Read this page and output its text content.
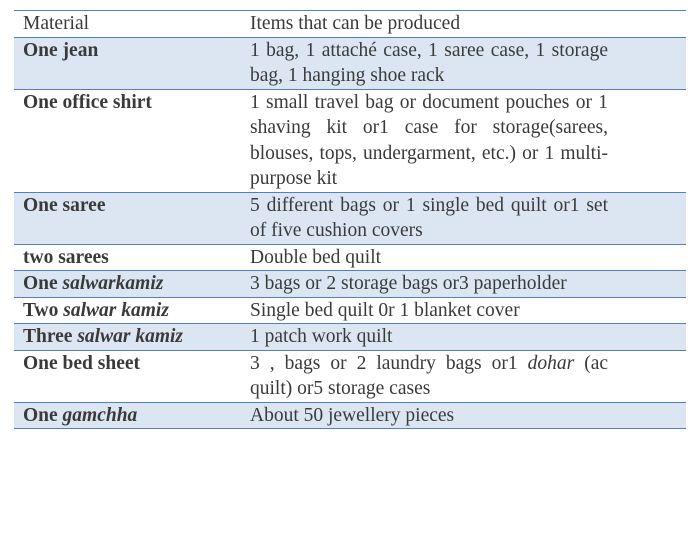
Material	Items that can be produced
One jean	1 bag, 1 attaché case, 1 saree case, 1 storage bag, 1 hanging shoe rack
One office shirt	1 small travel bag or document pouches or 1 shaving kit or1 case for storage(sarees, blouses, tops, undergarment, etc.) or 1 multi-purpose kit
One saree	5 different bags or 1 single bed quilt or1 set of five cushion covers
two sarees	Double bed quilt
One salwarkamiz	3 bags or 2 storage bags or3 paperholder
Two salwar kamiz	Single bed quilt 0r 1 blanket cover
Three salwar kamiz	1 patch work quilt
One bed sheet	3 , bags or 2 laundry bags or1 dohar (ac quilt) or5 storage cases
One gamchha	About 50 jewellery pieces
